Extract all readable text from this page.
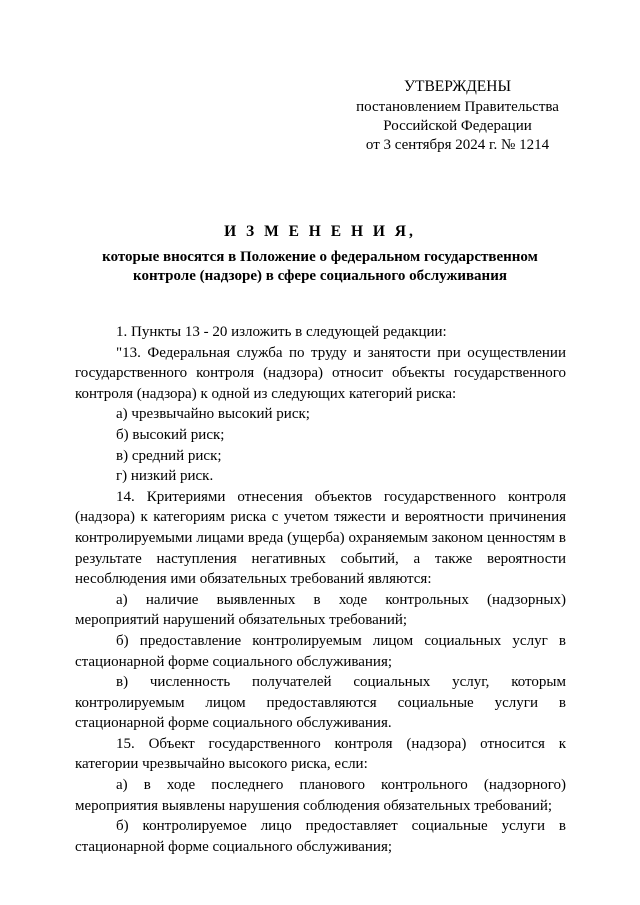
УТВЕРЖДЕНЫ
постановлением Правительства
Российской Федерации
от 3 сентября 2024 г. № 1214
И З М Е Н Е Н И Я,
которые вносятся в Положение о федеральном государственном
контроле (надзоре) в сфере социального обслуживания

1. Пункты 13 - 20 изложить в следующей редакции:

"13. Федеральная служба по труду и занятости при осуществлении государственного контроля (надзора) относит объекты государственного контроля (надзора) к одной из следующих категорий риска:

а) чрезвычайно высокий риск;

б) высокий риск;

в) средний риск;

г) низкий риск.

14. Критериями отнесения объектов государственного контроля (надзора) к категориям риска с учетом тяжести и вероятности причинения контролируемыми лицами вреда (ущерба) охраняемым законом ценностям в результате наступления негативных событий, а также вероятности несоблюдения ими обязательных требований являются:

а) наличие выявленных в ходе контрольных (надзорных) мероприятий нарушений обязательных требований;

б) предоставление контролируемым лицом социальных услуг в стационарной форме социального обслуживания;

в) численность получателей социальных услуг, которым контролируемым лицом предоставляются социальные услуги в стационарной форме социального обслуживания.

15. Объект государственного контроля (надзора) относится к категории чрезвычайно высокого риска, если:

а) в ходе последнего планового контрольного (надзорного) мероприятия выявлены нарушения соблюдения обязательных требований;

б) контролируемое лицо предоставляет социальные услуги в стационарной форме социального обслуживания;
